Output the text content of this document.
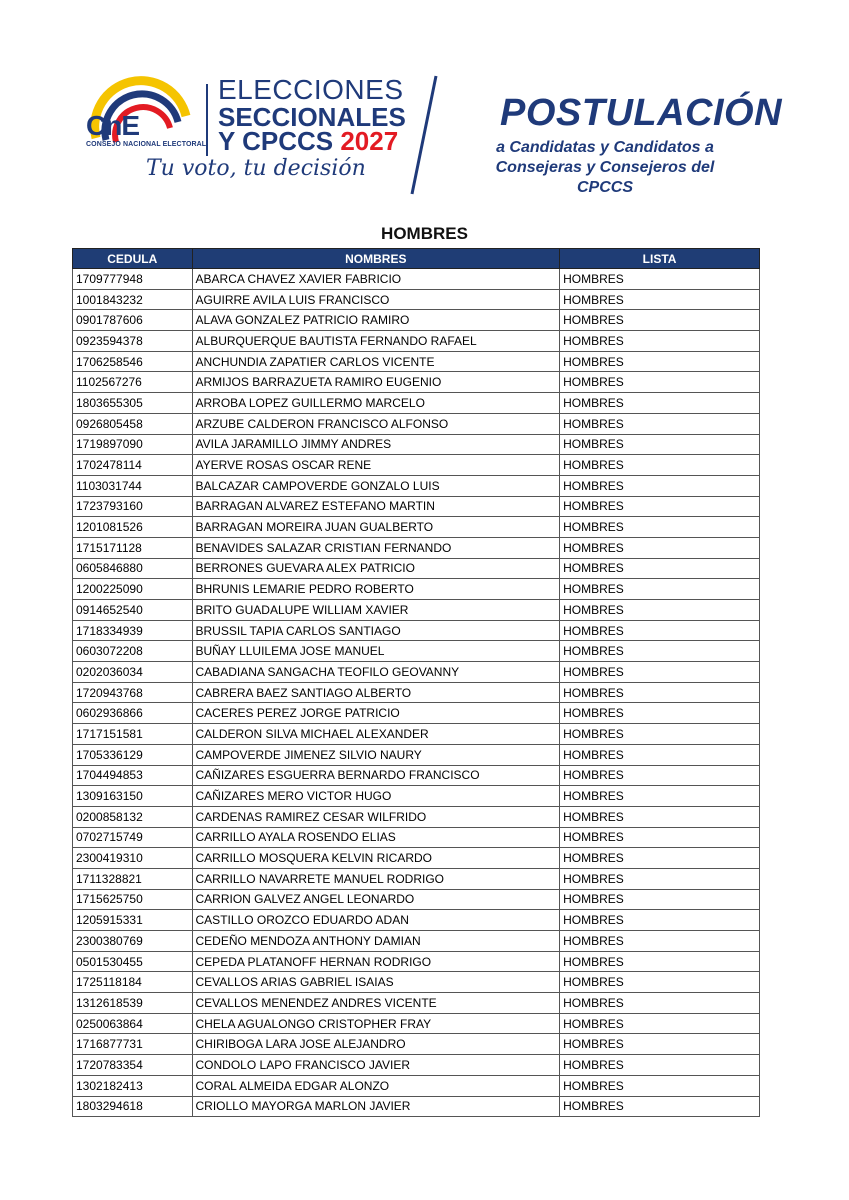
CnE
CONSEJO NACIONAL ELECTORAL
ELECCIONES
SECCIONALES
Y CPCCS 2027
Tu voto, tu decisión
POSTULACIÓN
a Candidatas y Candidatos a
Consejeras y Consejeros del CPCCS
HOMBRES
CEDULA	NOMBRES	LISTA
1709777948	ABARCA CHAVEZ XAVIER FABRICIO	HOMBRES
1001843232	AGUIRRE AVILA LUIS FRANCISCO	HOMBRES
0901787606	ALAVA GONZALEZ PATRICIO RAMIRO	HOMBRES
0923594378	ALBURQUERQUE BAUTISTA FERNANDO RAFAEL	HOMBRES
1706258546	ANCHUNDIA ZAPATIER CARLOS VICENTE	HOMBRES
1102567276	ARMIJOS BARRAZUETA RAMIRO EUGENIO	HOMBRES
1803655305	ARROBA LOPEZ GUILLERMO MARCELO	HOMBRES
0926805458	ARZUBE CALDERON FRANCISCO ALFONSO	HOMBRES
1719897090	AVILA JARAMILLO JIMMY ANDRES	HOMBRES
1702478114	AYERVE ROSAS OSCAR RENE	HOMBRES
1103031744	BALCAZAR CAMPOVERDE GONZALO LUIS	HOMBRES
1723793160	BARRAGAN ALVAREZ ESTEFANO MARTIN	HOMBRES
1201081526	BARRAGAN MOREIRA JUAN GUALBERTO	HOMBRES
1715171128	BENAVIDES SALAZAR CRISTIAN FERNANDO	HOMBRES
0605846880	BERRONES GUEVARA ALEX PATRICIO	HOMBRES
1200225090	BHRUNIS LEMARIE PEDRO ROBERTO	HOMBRES
0914652540	BRITO GUADALUPE WILLIAM XAVIER	HOMBRES
1718334939	BRUSSIL TAPIA CARLOS SANTIAGO	HOMBRES
0603072208	BUÑAY LLUILEMA JOSE MANUEL	HOMBRES
0202036034	CABADIANA SANGACHA TEOFILO GEOVANNY	HOMBRES
1720943768	CABRERA BAEZ SANTIAGO ALBERTO	HOMBRES
0602936866	CACERES PEREZ JORGE PATRICIO	HOMBRES
1717151581	CALDERON SILVA MICHAEL ALEXANDER	HOMBRES
1705336129	CAMPOVERDE JIMENEZ SILVIO NAURY	HOMBRES
1704494853	CAÑIZARES ESGUERRA BERNARDO FRANCISCO	HOMBRES
1309163150	CAÑIZARES MERO VICTOR HUGO	HOMBRES
0200858132	CARDENAS RAMIREZ CESAR WILFRIDO	HOMBRES
0702715749	CARRILLO AYALA ROSENDO ELIAS	HOMBRES
2300419310	CARRILLO MOSQUERA KELVIN RICARDO	HOMBRES
1711328821	CARRILLO NAVARRETE MANUEL RODRIGO	HOMBRES
1715625750	CARRION GALVEZ ANGEL LEONARDO	HOMBRES
1205915331	CASTILLO OROZCO EDUARDO ADAN	HOMBRES
2300380769	CEDEÑO MENDOZA ANTHONY DAMIAN	HOMBRES
0501530455	CEPEDA PLATANOFF HERNAN RODRIGO	HOMBRES
1725118184	CEVALLOS ARIAS GABRIEL ISAIAS	HOMBRES
1312618539	CEVALLOS MENENDEZ ANDRES VICENTE	HOMBRES
0250063864	CHELA AGUALONGO CRISTOPHER FRAY	HOMBRES
1716877731	CHIRIBOGA LARA JOSE ALEJANDRO	HOMBRES
1720783354	CONDOLO LAPO FRANCISCO JAVIER	HOMBRES
1302182413	CORAL ALMEIDA EDGAR ALONZO	HOMBRES
1803294618	CRIOLLO MAYORGA MARLON JAVIER	HOMBRES
